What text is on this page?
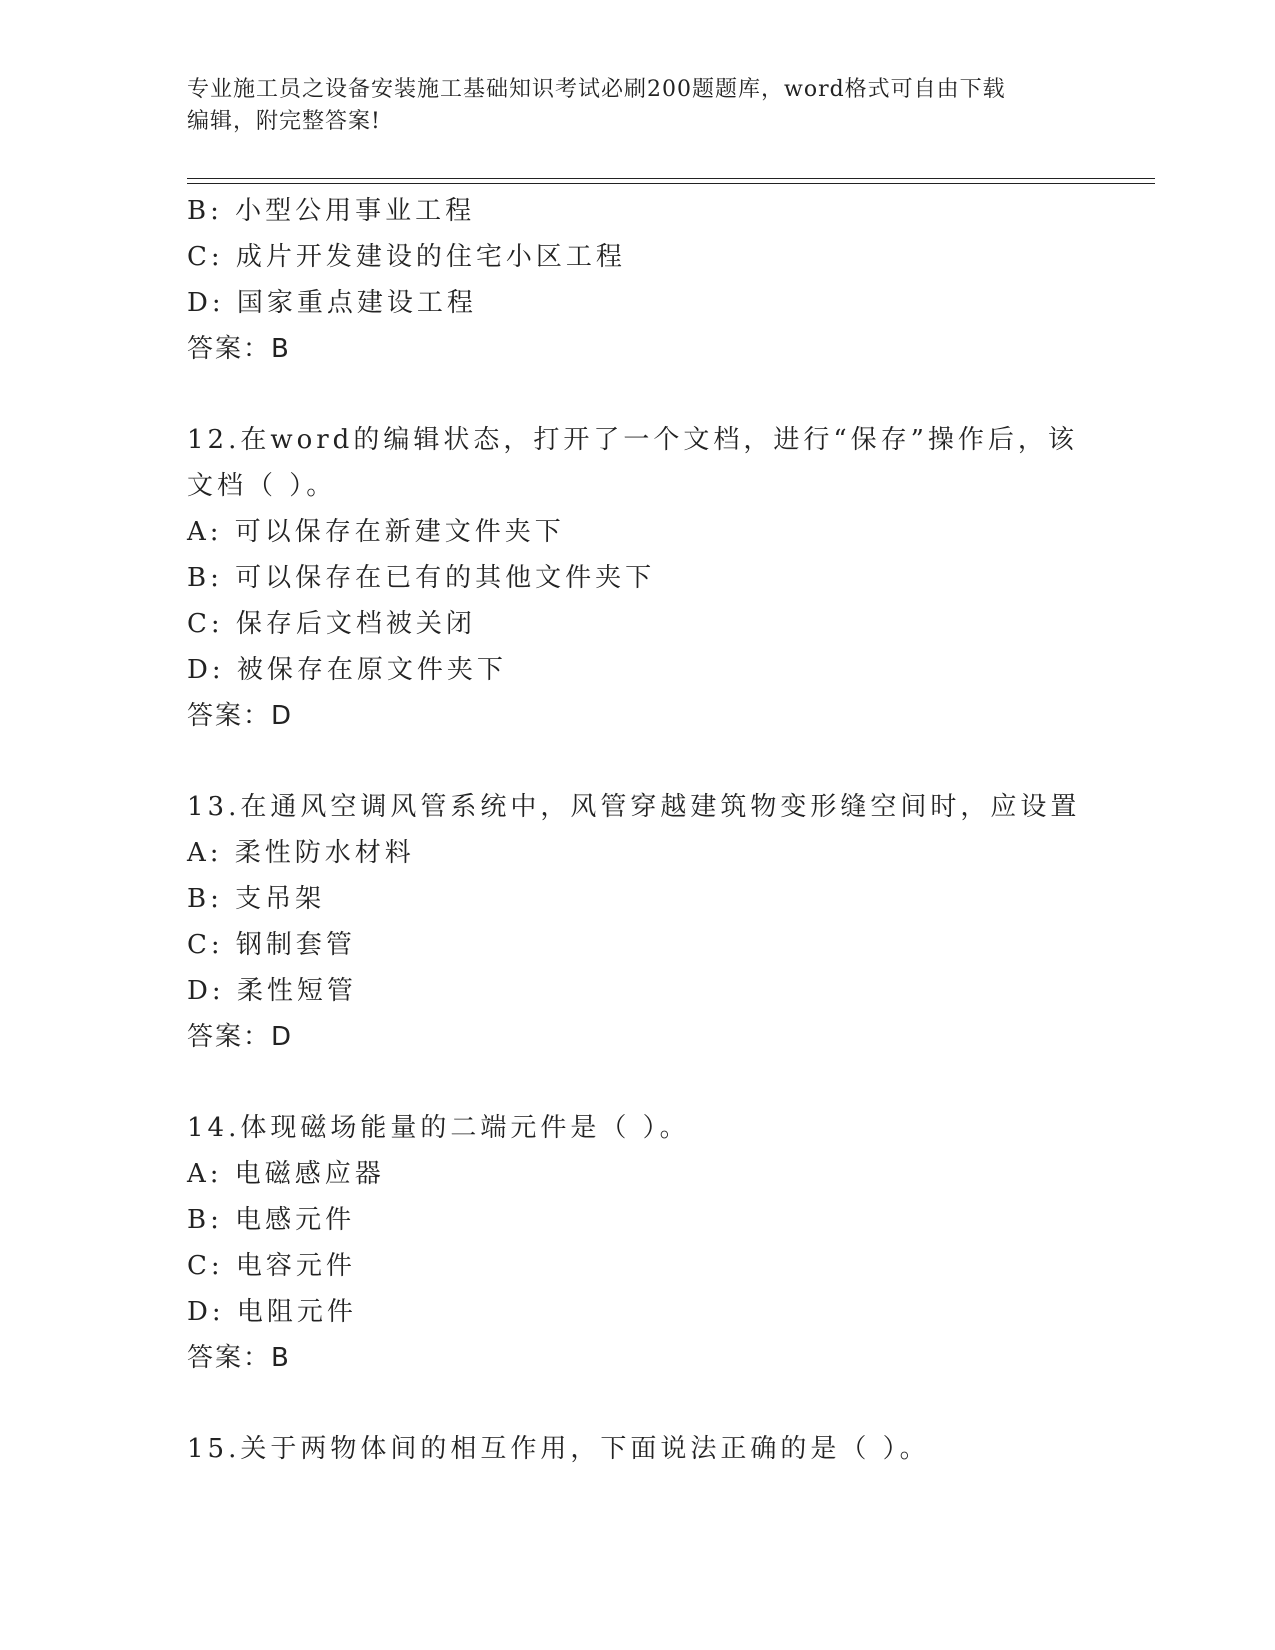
专业施工员之设备安装施工基础知识考试必刷200题题库，word格式可自由下载
编辑，附完整答案!
B: 小型公用事业工程
C: 成片开发建设的住宅小区工程
D: 国家重点建设工程
答案：B
12.在word的编辑状态，打开了一个文档，进行“保存”操作后，该
文档（ ）。
A: 可以保存在新建文件夹下
B: 可以保存在已有的其他文件夹下
C: 保存后文档被关闭
D: 被保存在原文件夹下
答案：D
13.在通风空调风管系统中，风管穿越建筑物变形缝空间时，应设置
A: 柔性防水材料
B: 支吊架
C: 钢制套管
D: 柔性短管
答案：D
14.体现磁场能量的二端元件是（ ）。
A: 电磁感应器
B: 电感元件
C: 电容元件
D: 电阻元件
答案：B
15.关于两物体间的相互作用，下面说法正确的是（ ）。
